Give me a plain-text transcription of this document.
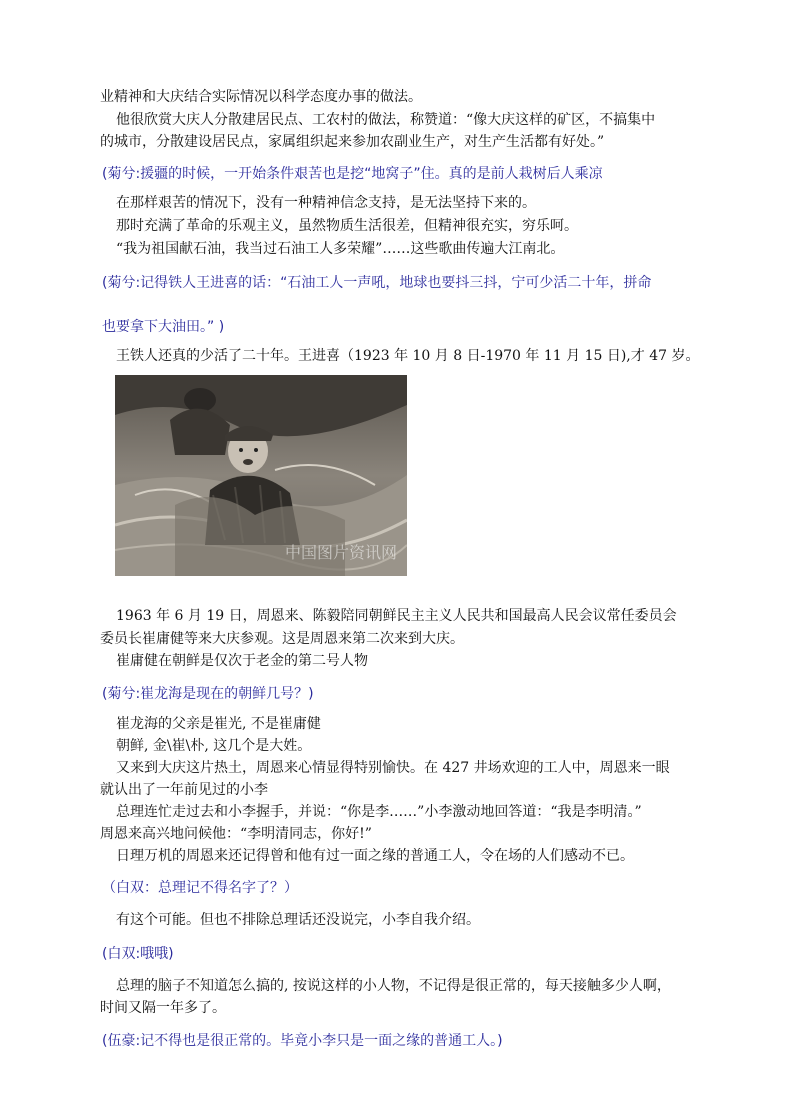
业精神和大庆结合实际情况以科学态度办事的做法。
他很欣赏大庆人分散建居民点、工农村的做法，称赞道：“像大庆这样的矿区，不搞集中
的城市，分散建设居民点，家属组织起来参加农副业生产，对生产生活都有好处。”
(菊兮:援疆的时候，一开始条件艰苦也是挖“地窝子”住。真的是前人栽树后人乘凉
在那样艰苦的情况下，没有一种精神信念支持，是无法坚持下来的。
那时充满了革命的乐观主义，虽然物质生活很差，但精神很充实，穷乐呵。
“我为祖国献石油，我当过石油工人多荣耀”……这些歌曲传遍大江南北。
(菊兮:记得铁人王进喜的话：“石油工人一声吼，地球也要抖三抖，宁可少活二十年，拼命
也要拿下大油田。” )
王铁人还真的少活了二十年。王进喜（1923 年 10 月 8 日-1970 年 11 月 15 日),才 47 岁。
中国图片资讯网
1963 年 6 月 19 日，周恩来、陈毅陪同朝鲜民主主义人民共和国最高人民会议常任委员会
委员长崔庸健等来大庆参观。这是周恩来第二次来到大庆。
崔庸健在朝鲜是仅次于老金的第二号人物
(菊兮:崔龙海是现在的朝鲜几号？)
崔龙海的父亲是崔光, 不是崔庸健
朝鲜, 金\崔\朴, 这几个是大姓。
又来到大庆这片热土，周恩来心情显得特别愉快。在 427 井场欢迎的工人中，周恩来一眼
就认出了一年前见过的小李
总理连忙走过去和小李握手，并说：“你是李……”小李激动地回答道：“我是李明清。”
周恩来高兴地问候他：“李明清同志，你好!”
日理万机的周恩来还记得曾和他有过一面之缘的普通工人，令在场的人们感动不已。
（白双：总理记不得名字了？）
有这个可能。但也不排除总理话还没说完，小李自我介绍。
(白双:哦哦)
总理的脑子不知道怎么搞的, 按说这样的小人物，不记得是很正常的，每天接触多少人啊，
时间又隔一年多了。
(伍豪:记不得也是很正常的。毕竟小李只是一面之缘的普通工人。)
